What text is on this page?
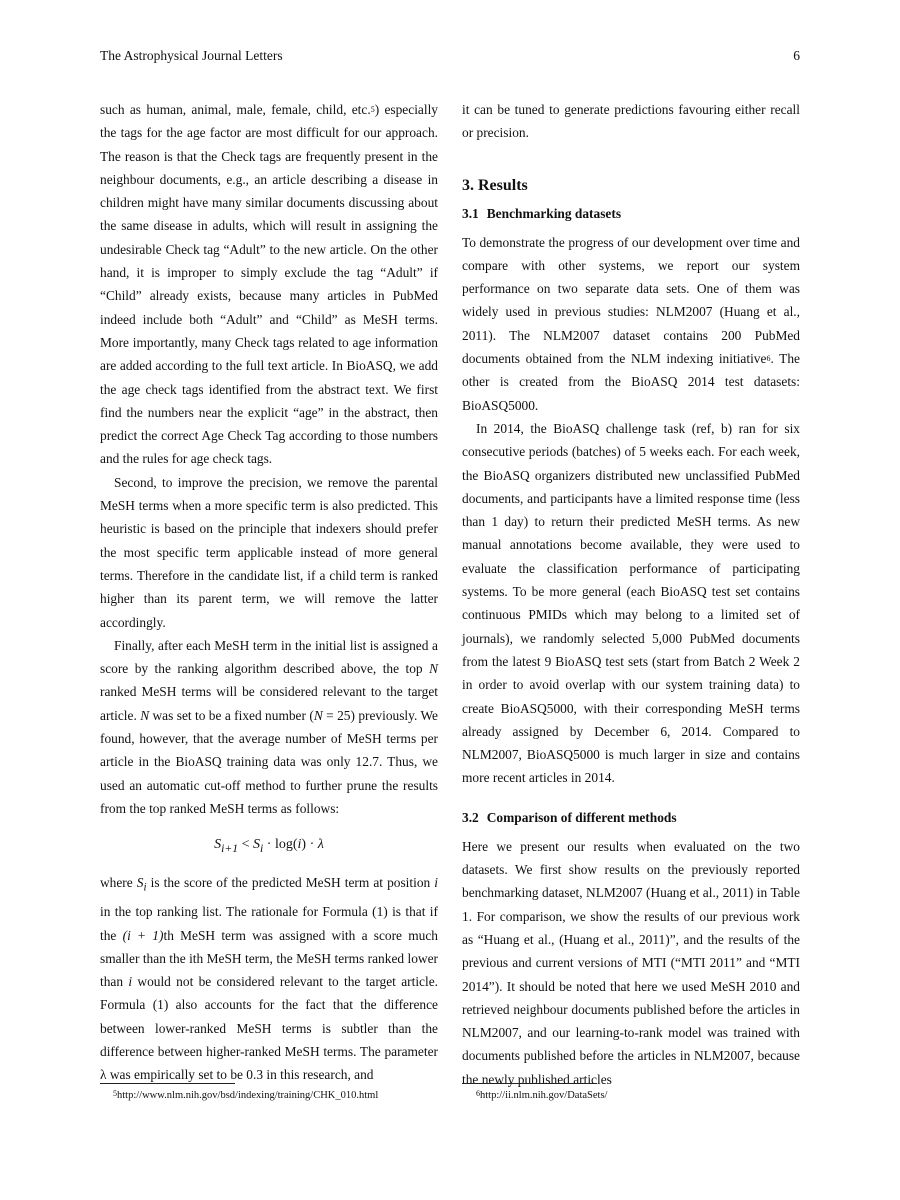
The Astrophysical Journal Letters	6

such as human, animal, male, female, child, etc.$^5$) especially the tags for the age factor are most difficult for our approach. The reason is that the Check tags are frequently present in the neighbour documents, e.g., an article describing a disease in children might have many similar documents discussing about the same disease in adults, which will result in assigning the undesirable Check tag “Adult” to the new article. On the other hand, it is improper to simply exclude the tag “Adult” if “Child” already exists, because many articles in PubMed indeed include both “Adult” and “Child” as MeSH terms. More importantly, many Check tags related to age information are added according to the full text article. In BioASQ, we add the age check tags identified from the abstract text. We first find the numbers near the explicit “age” in the abstract, then predict the correct Age Check Tag according to those numbers and the rules for age check tags.

Second, to improve the precision, we remove the parental MeSH terms when a more specific term is also predicted. This heuristic is based on the principle that indexers should prefer the most specific term applicable instead of more general terms. Therefore in the candidate list, if a child term is ranked higher than its parent term, we will remove the latter accordingly.

Finally, after each MeSH term in the initial list is assigned a score by the ranking algorithm described above, the top N ranked MeSH terms will be considered relevant to the target article. N was set to be a fixed number (N = 25) previously. We found, however, that the average number of MeSH terms per article in the BioASQ training data was only 12.7. Thus, we used an automatic cut-off method to further prune the results from the top ranked MeSH terms as follows:

$S_{i+1} < S_i \cdot \log(i) \cdot \lambda$

where $S_i$ is the score of the predicted MeSH term at position i in the top ranking list. The rationale for Formula (1) is that if the (i + 1)th MeSH term was assigned with a score much smaller than the ith MeSH term, the MeSH terms ranked lower than i would not be considered relevant to the target article. Formula (1) also accounts for the fact that the difference between lower-ranked MeSH terms is subtler than the difference between higher-ranked MeSH terms. The parameter λ was empirically set to be 0.3 in this research, and

it can be tuned to generate predictions favouring either recall or precision.

3. Results
3.1 Benchmarking datasets

To demonstrate the progress of our development over time and compare with other systems, we report our system performance on two separate data sets. One of them was widely used in previous studies: NLM2007 (Huang et al., 2011). The NLM2007 dataset contains 200 PubMed documents obtained from the NLM indexing initiative$^6$. The other is created from the BioASQ 2014 test datasets: BioASQ5000.

In 2014, the BioASQ challenge task (ref, b) ran for six consecutive periods (batches) of 5 weeks each. For each week, the BioASQ organizers distributed new unclassified PubMed documents, and participants have a limited response time (less than 1 day) to return their predicted MeSH terms. As new manual annotations become available, they were used to evaluate the classification performance of participating systems. To be more general (each BioASQ test set contains continuous PMIDs which may belong to a limited set of journals), we randomly selected 5,000 PubMed documents from the latest 9 BioASQ test sets (start from Batch 2 Week 2 in order to avoid overlap with our system training data) to create BioASQ5000, with their corresponding MeSH terms already assigned by December 6, 2014. Compared to NLM2007, BioASQ5000 is much larger in size and contains more recent articles in 2014.

3.2 Comparison of different methods

Here we present our results when evaluated on the two datasets. We first show results on the previously reported benchmarking dataset, NLM2007 (Huang et al., 2011) in Table 1. For comparison, we show the results of our previous work as “Huang et al., (Huang et al., 2011)”, and the results of the previous and current versions of MTI (“MTI 2011” and “MTI 2014”). It should be noted that here we used MeSH 2010 and retrieved neighbour documents published before the articles in NLM2007, and our learning-to-rank model was trained with documents published before the articles in NLM2007, because the newly published articles

$^5$http://www.nlm.nih.gov/bsd/indexing/training/CHK_010.html	$^6$http://ii.nlm.nih.gov/DataSets/
